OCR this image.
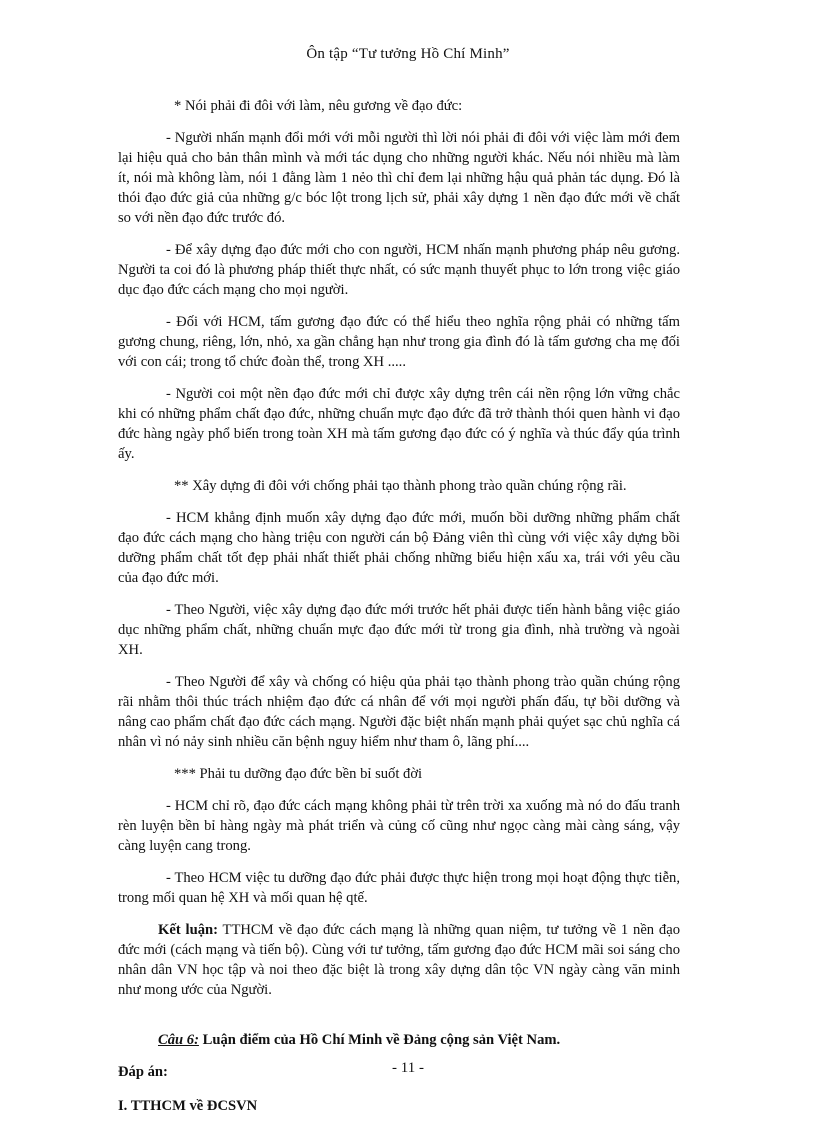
Ôn tập “Tư tưởng Hồ Chí Minh”

* Nói phải đi đôi với làm, nêu gương về đạo đức:

- Người nhấn mạnh đổi mới với mỗi người thì lời nói phải đi đôi với việc làm mới đem lại hiệu quả cho bản thân mình và mới tác dụng cho những người khác. Nếu nói nhiều mà làm ít, nói mà không làm, nói 1 đằng làm 1 nẻo thì chỉ đem lại những hậu quả phản tác dụng. Đó là thói đạo đức giả của những g/c bóc lột trong lịch sử, phải xây dựng 1 nền đạo đức mới về chất so với nền đạo đức trước đó.

- Để xây dựng đạo đức mới cho con người, HCM nhấn mạnh phương pháp nêu gương. Người ta coi đó là phương pháp thiết thực nhất, có sức mạnh thuyết phục to lớn trong việc giáo dục đạo đức cách mạng cho mọi người.

- Đối với HCM, tấm gương đạo đức có thể hiểu theo nghĩa rộng phải có những tấm gương chung, riêng, lớn, nhỏ, xa gần chẳng hạn như trong gia đình đó là tấm gương cha mẹ đối với con cái; trong tổ chức đoàn thể, trong XH .....

- Người coi một nền đạo đức mới chỉ được xây dựng trên cái nền rộng lớn vững chắc khi có những phẩm chất đạo đức, những chuẩn mực đạo đức đã trở thành thói quen hành vi đạo đức hàng ngày phổ biến trong toàn XH mà tấm gương đạo đức có ý nghĩa và thúc đẩy qúa trình ấy.

** Xây dựng đi đôi với chống phải tạo thành phong trào quần chúng rộng rãi.

- HCM khẳng định muốn xây dựng đạo đức mới, muốn bồi dưỡng những phẩm chất đạo đức cách mạng cho hàng triệu con người cán bộ Đảng viên thì cùng với việc xây dựng bồi dưỡng phẩm chất tốt đẹp phải nhất thiết phải chống những biểu hiện xấu xa, trái với yêu cầu của đạo đức mới.

- Theo Người, việc xây dựng đạo đức mới trước hết phải được tiến hành bằng việc giáo dục những phẩm chất, những chuẩn mực đạo đức mới từ trong gia đình, nhà trường và ngoài XH.

- Theo Người để xây và chống có hiệu qủa phải tạo thành phong trào quần chúng rộng rãi nhằm thôi thúc trách nhiệm đạo đức cá nhân để với mọi người phấn đấu, tự bồi dưỡng và nâng cao phẩm chất đạo đức cách mạng. Người đặc biệt nhấn mạnh phải quýet sạc chủ nghĩa cá nhân vì nó nảy sinh nhiều căn bệnh nguy hiểm như tham ô, lãng phí....

*** Phải tu dưỡng đạo đức bền bỉ suốt đời

- HCM chỉ rõ, đạo đức cách mạng không phải từ trên trời xa xuống mà nó do đấu tranh rèn luyện bền bỉ hàng ngày mà phát triển và củng cố cũng như ngọc càng mài càng sáng, vậy càng luyện cang trong.

- Theo HCM việc tu dưỡng đạo đức phải được thực hiện trong mọi hoạt động thực tiễn, trong mối quan hệ XH và mối quan hệ qtế.

Kết luận: TTHCM về đạo đức cách mạng là những quan niệm, tư tưởng về 1 nền đạo đức mới (cách mạng và tiến bộ). Cùng với tư tưởng, tấm gương đạo đức HCM mãi soi sáng cho nhân dân VN học tập và noi theo đặc biệt là trong xây dựng dân tộc VN ngày càng văn minh như mong ước của Người.

Câu 6: Luận điểm của Hồ Chí Minh về Đảng cộng sản Việt Nam.

Đáp án:

I. TTHCM về ĐCSVN

- 11 -
